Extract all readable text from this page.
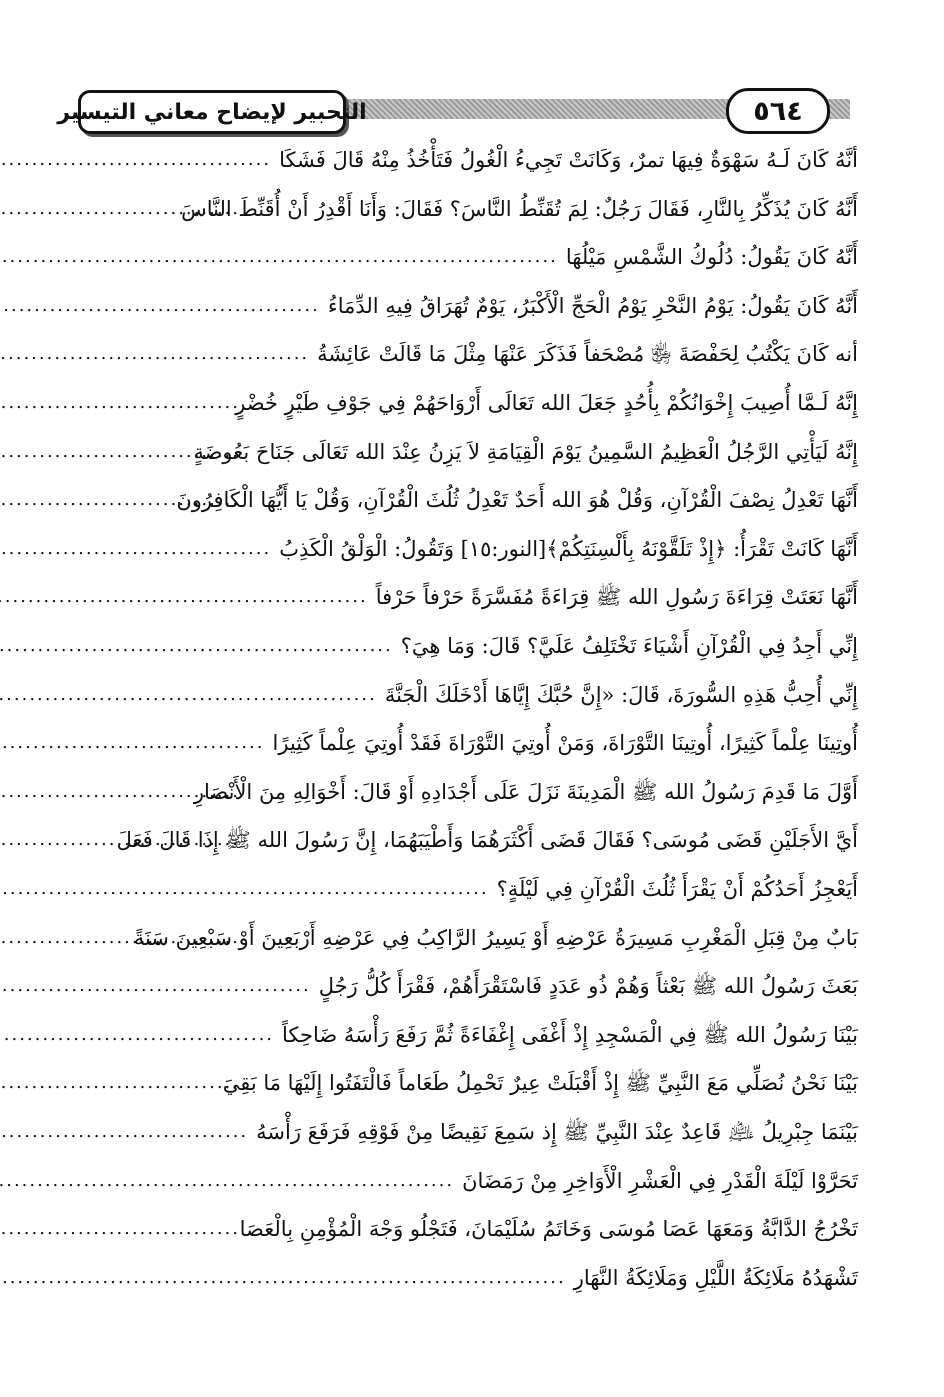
التحبير لإيضاح معاني التيسير	٥٦٤
أنَّهُ كَانَ لَـهُ سَهْوَةٌ فِيهَا تمرٌ، وَكَانَتْ تَجِيءُ الْغُولُ فَتَأْخُذُ مِنْهُ قَالَ فَشَكَا
.....
أَنَّهُ كَانَ يُذَكِّرُ بِالنَّارِ، فَقَالَ رَجُلٌ: لِمَ تُقَنِّطُ النَّاسَ؟ فَقَالَ: وَأَنَا أَقْدِرُ أَنْ أُقَنِّطَ النَّاسَ
.....
أَنَّهُ كَانَ يَقُولُ: دُلُوكُ الشَّمْسِ مَيْلُهَا
.....
أَنَّهُ كَانَ يَقُولُ: يَوْمُ النَّحْرِ يَوْمُ الْحَجِّ الْأَكْبَرُ، يَوْمٌ تُهَرَاقُ فِيهِ الدِّمَاءُ
.....
أنه كَانَ يَكْتُبُ لِحَفْصَةَ ﵂ مُصْحَفاً فَذَكَرَ عَنْهَا مِثْلَ مَا قَالَتْ عَائِشَةُ
.....
إِنَّهُ لَـمَّا أُصِيبَ إِخْوَانُكُمْ بِأُحُدٍ جَعَلَ الله تَعَالَى أَرْوَاحَهُمْ فِي جَوْفِ طَيْرٍ خُضْرٍ
.....
إِنَّهُ لَيَأْتِي الرَّجُلُ الْعَظِيمُ السَّمِينُ يَوْمَ الْقِيَامَةِ لاَ يَزِنُ عِنْدَ الله تَعَالَى جَنَاحَ بَعُوضَةٍ
.....
أَنَّهَا تَعْدِلُ نِصْفَ الْقُرْآنِ، وَقُلْ هُوَ الله أَحَدٌ تَعْدِلُ ثُلُثَ الْقُرْآنِ، وَقُلْ يَا أَيُّهَا الْكَافِرُونَ
.....
أَنَّهَا كَانَتْ تَقْرَأُ: ﴿إِذْ تَلَقَّوْنَهُ بِأَلْسِنَتِكُمْ﴾[النور:١٥] وَتَقُولُ: الْوَلْقُ الْكَذِبُ
.....
أَنَّهَا نَعَتَتْ قِرَاءَةَ رَسُولِ الله ﷺ قِرَاءَةً مُفَسَّرَةً حَرْفاً حَرْفاً
.....
إِنِّي أَجِدُ فِي الْقُرْآنِ أَشْيَاءَ تَخْتَلِفُ عَلَيَّ؟ قَالَ: وَمَا هِيَ؟
.....
إِنِّي أُحِبُّ هَذِهِ السُّورَةَ، قَالَ: «إِنَّ حُبَّكَ إِيَّاهَا أَدْخَلَكَ الْجَنَّةَ
.....
أُوتِينَا عِلْماً كَثِيرًا، أُوتِينَا التَّوْرَاةَ، وَمَنْ أُوتِيَ التَّوْرَاةَ فَقَدْ أُوتِيَ عِلْماً كَثِيرًا
.....
أَوَّلَ مَا قَدِمَ رَسُولُ الله ﷺ الْمَدِينَةَ نَزَلَ عَلَى أَجْدَادِهِ أَوْ قَالَ: أَخْوَالِهِ مِنَ الْأَنْصَارِ
.....
أَيَّ الأَجَلَيْنِ قَضَى مُوسَى؟ فَقَالَ قَضَى أَكْثَرَهُمَا وَأَطْيَبَهُمَا، إِنَّ رَسُولَ الله ﷺ إِذَا قَالَ فَعَلَ
.....
أَيَعْجِزُ أَحَدُكُمْ أَنْ يَقْرَأَ ثُلُثَ الْقُرْآنِ فِي لَيْلَةٍ؟
.....
بَابٌ مِنْ قِبَلِ الْمَغْرِبِ مَسِيرَةُ عَرْضِهِ أَوْ يَسِيرُ الرَّاكِبُ فِي عَرْضِهِ أَرْبَعِينَ أَوْ سَبْعِينَ سَنَةً
.....
بَعَثَ رَسُولُ الله ﷺ بَعْثاً وَهُمْ ذُو عَدَدٍ فَاسْتَقْرَأَهُمْ، فَقْرَأَ كُلُّ رَجُلٍ
.....
بَيْنَا رَسُولُ الله ﷺ فِي الْمَسْجِدِ إِذْ أَغْفَى إِغْفَاءَةً ثُمَّ رَفَعَ رَأْسَهُ ضَاحِكاً
.....
بَيْنَا نَحْنُ نُصَلِّي مَعَ النَّبِيِّ ﷺ إِذْ أَقْبَلَتْ عِيرٌ تَحْمِلُ طَعَاماً فَالْتَفَتُوا إِلَيْهَا مَا بَقِيَ
.....
بَيْنَمَا جِبْرِيلُ ﵇ قَاعِدٌ عِنْدَ النَّبِيِّ ﷺ إِذ سَمِعَ نَقِيضًا مِنْ فَوْقِهِ فَرَفَعَ رَأْسَهُ
.....
تَحَرَّوْا لَيْلَةَ الْقَدْرِ فِي الْعَشْرِ الْأَوَاخِرِ مِنْ رَمَضَانَ
.....
تَخْرُجُ الدَّابَّةُ وَمَعَهَا عَصَا مُوسَى وَخَاتَمُ سُلَيْمَانَ، فَتَجْلُو وَجْهَ الْمُؤْمِنِ بِالْعَصَا
.....
تَشْهَدُهُ مَلَائِكَةُ اللَّيْلِ وَمَلَائِكَةُ النَّهَارِ
.....
